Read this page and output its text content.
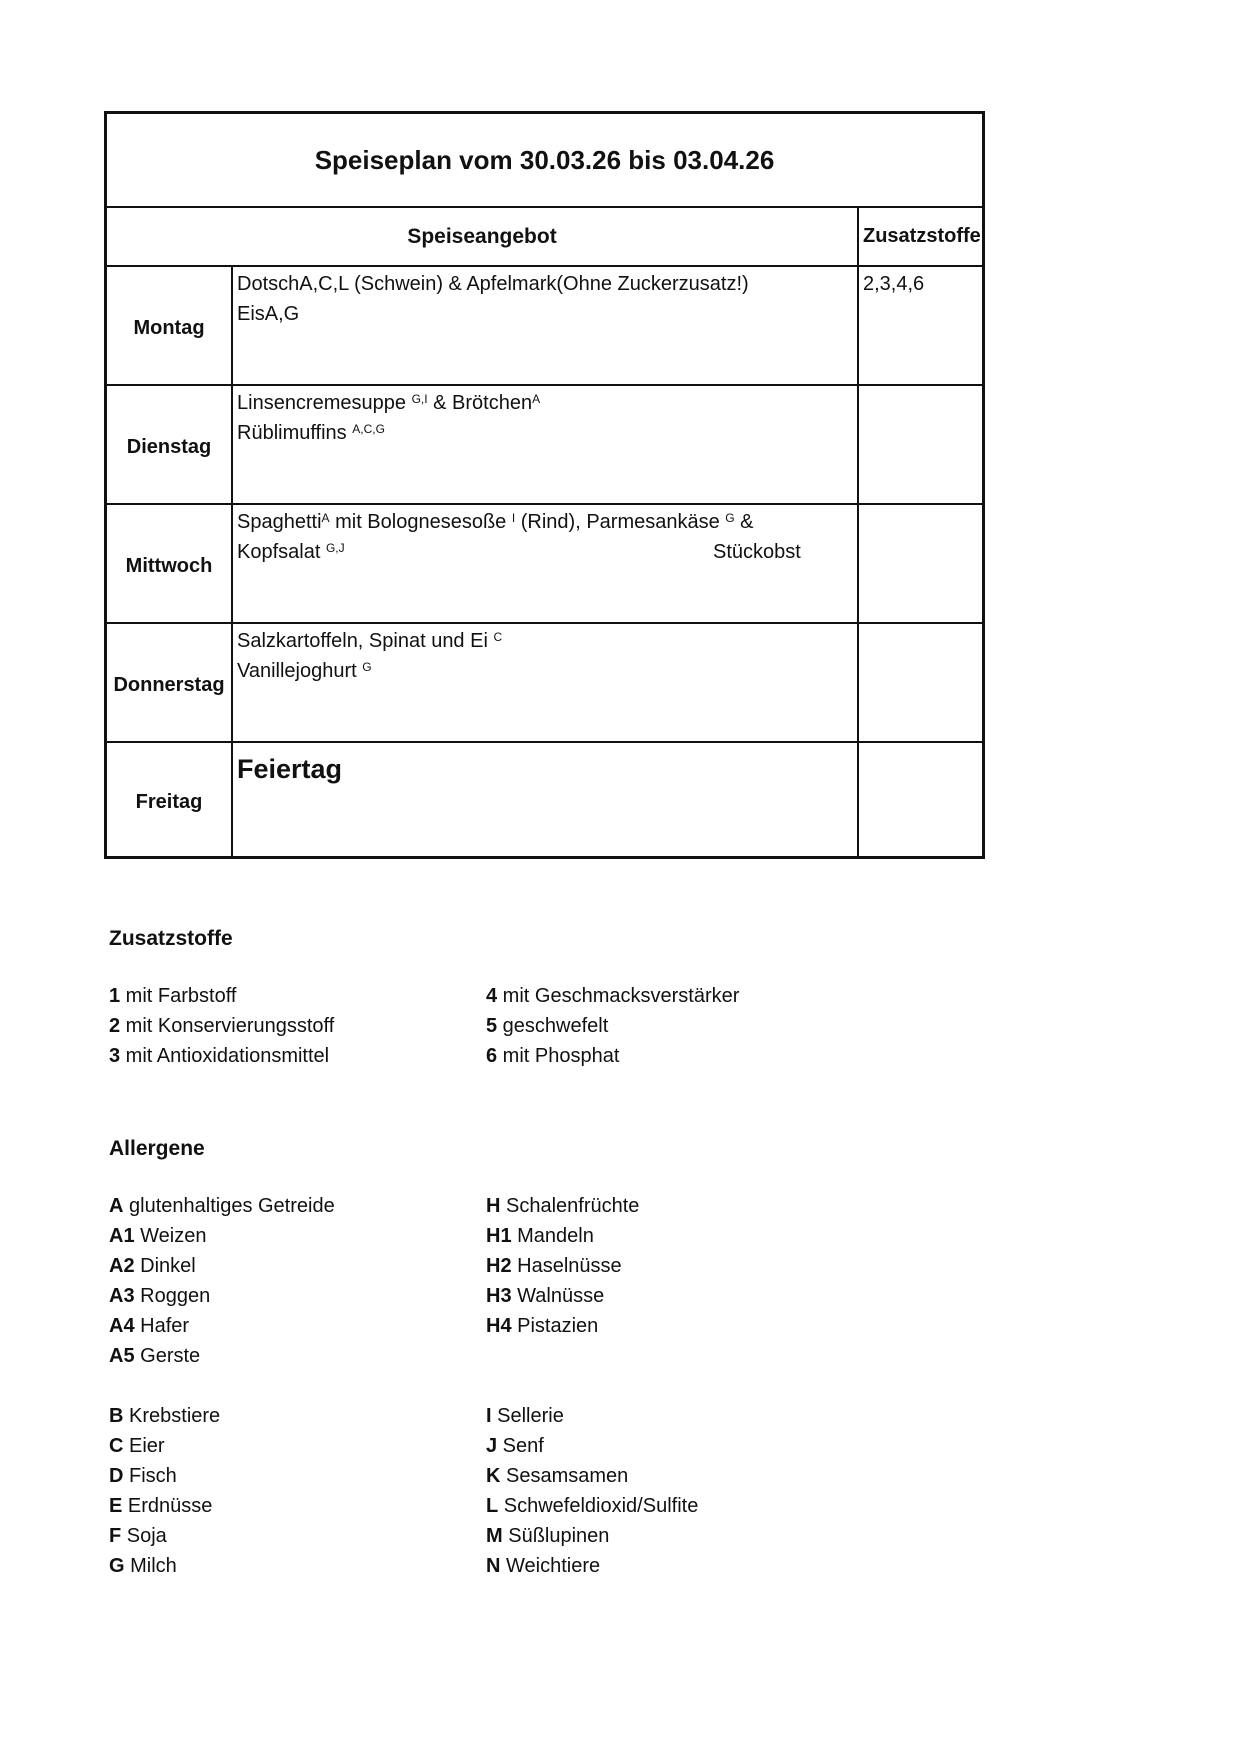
Speiseplan vom 30.03.26 bis 03.04.26
Speiseangebot	Zusatzstoffe
Montag
DotschA,C,L (Schwein) & Apfelmark(Ohne Zuckerzusatz!)
EisA,G
2,3,4,6
Dienstag
Linsencremesuppe $^{G,I}$ & Brötchen$^A$
Rüblimuffins $^{A,C,G}$
Mittwoch
Spaghetti$^A$ mit Bolognesesoße $^I$ (Rind), Parmesankäse $^G$ &
Kopfsalat $^{G,J}$	Stückobst
Donnerstag
Salzkartoffeln, Spinat und Ei $^C$
Vanillejoghurt $^G$
Freitag
Feiertag
Zusatzstoffe
1 mit Farbstoff
2 mit Konservierungsstoff
3 mit Antioxidationsmittel
4 mit Geschmacksverstärker
5 geschwefelt
6 mit Phosphat
Allergene
A glutenhaltiges Getreide
A1 Weizen
A2 Dinkel
A3 Roggen
A4 Hafer
A5 Gerste
B Krebstiere
C Eier
D Fisch
E Erdnüsse
F Soja
G Milch
H Schalenfrüchte
H1 Mandeln
H2 Haselnüsse
H3 Walnüsse
H4 Pistazien
I Sellerie
J Senf
K Sesamsamen
L Schwefeldioxid/Sulfite
M Süßlupinen
N Weichtiere
